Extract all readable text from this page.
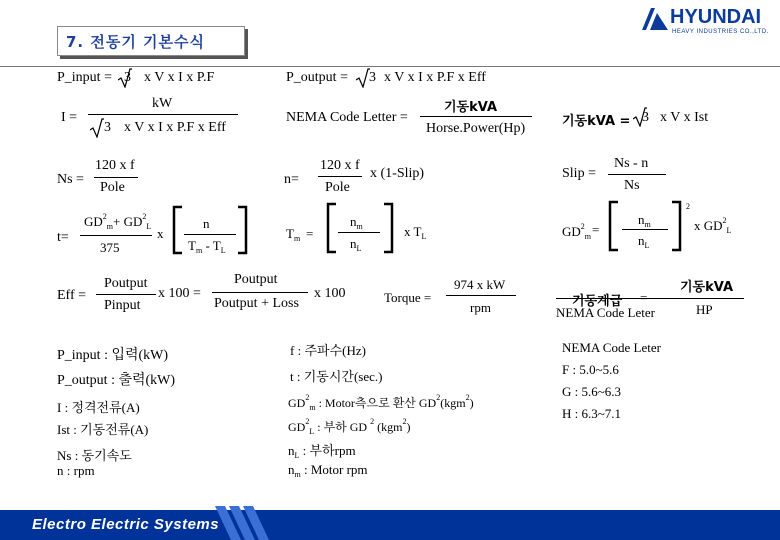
7. 전동기 기본수식
HYUNDAI
HEAVY INDUSTRIES CO.,LTD.
P_input = 3 x V x I x P.F	P_output = 3 x V x I x P.F x Eff
I =
kW
3 x V x I x P.F x Eff
NEMA Code Letter =
기동kVA
Horse.Power(Hp)	기동kVA = 3 x V x Ist
Ns =
120 x f
Pole
n=
120 x f
Pole
x (1-Slip)	Slip =
Ns - n
Ns
t=
$GD^2_m+ GD^2_L$
375
x
n
$T_m - T_L$
$T_m$ =
$n_m$
$n_L$
x $T_L$	$GD^2_m$ =
$n_m$
$n_L$
2
x $GD^2_L$
Eff =
Poutput
Pinput
x 100 =
Poutput
Poutput + Loss
x 100	Torque =
974 x kW
rpm	기동계급 =
기동kVA
NEMA Code Leter	HP
P_input : 입력(kW)
P_output : 출력(kW)
I : 정격전류(A)
Ist : 기동전류(A)
Ns : 동기속도
n : rpm
f : 주파수(Hz)
t : 기동시간(sec.)
$GD^2_m$ : Motor측으로 환산 $GD^2(kgm^2)$
$GD^2_L$ : 부하 GD $^2$ (kgm$^2$)
$n_L$ : 부하rpm
$n_m$ : Motor rpm
NEMA Code Leter
F : 5.0~5.6
G : 5.6~6.3
H : 6.3~7.1
Electro Electric Systems	19
